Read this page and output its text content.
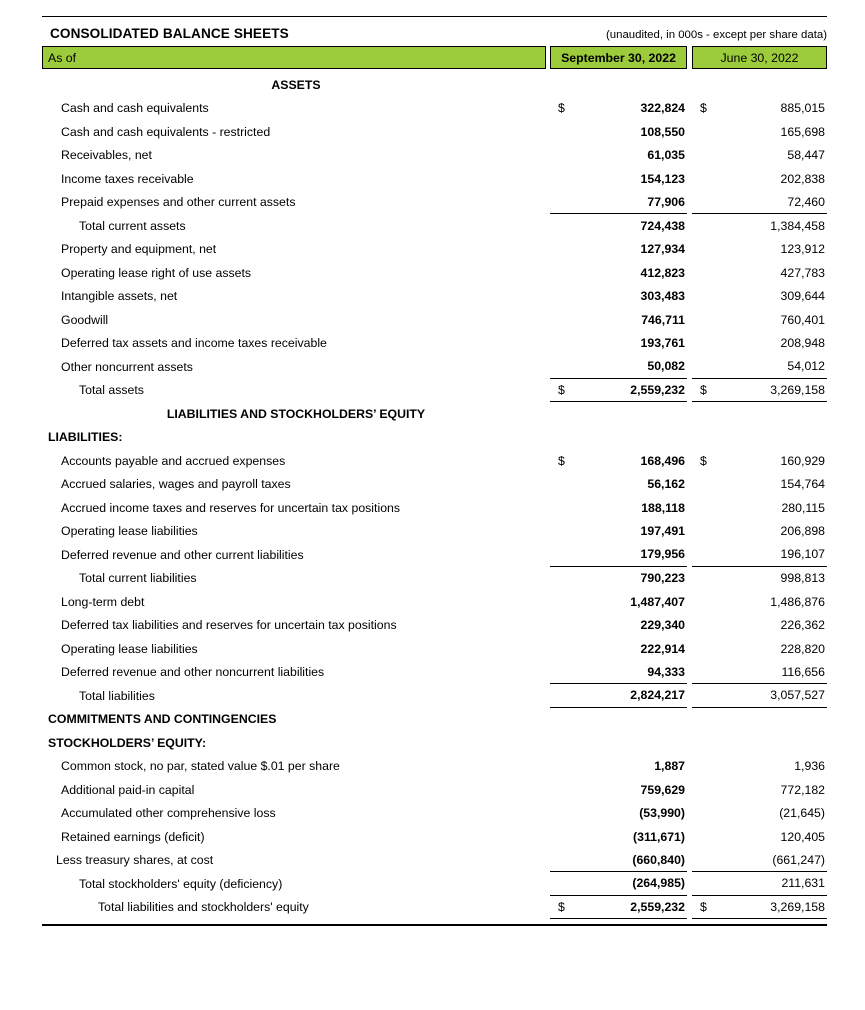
CONSOLIDATED BALANCE SHEETS	(unaudited, in 000s - except per share data)
As of	September 30, 2022	June 30, 2022
ASSETS
Cash and cash equivalents	$	322,824 $	885,015
Cash and cash equivalents - restricted	108,550	165,698
Receivables, net	61,035	58,447
Income taxes receivable	154,123	202,838
Prepaid expenses and other current assets	77,906	72,460
Total current assets	724,438	1,384,458
Property and equipment, net	127,934	123,912
Operating lease right of use assets	412,823	427,783
Intangible assets, net	303,483	309,644
Goodwill	746,711	760,401
Deferred tax assets and income taxes receivable	193,761	208,948
Other noncurrent assets	50,082	54,012
Total assets	$	2,559,232 $	3,269,158
LIABILITIES AND STOCKHOLDERS’ EQUITY
LIABILITIES:
Accounts payable and accrued expenses	$	168,496 $	160,929
Accrued salaries, wages and payroll taxes	56,162	154,764
Accrued income taxes and reserves for uncertain tax positions	188,118	280,115
Operating lease liabilities	197,491	206,898
Deferred revenue and other current liabilities	179,956	196,107
Total current liabilities	790,223	998,813
Long-term debt	1,487,407	1,486,876
Deferred tax liabilities and reserves for uncertain tax positions	229,340	226,362
Operating lease liabilities	222,914	228,820
Deferred revenue and other noncurrent liabilities	94,333	116,656
Total liabilities	2,824,217	3,057,527
COMMITMENTS AND CONTINGENCIES
STOCKHOLDERS’ EQUITY:
Common stock, no par, stated value $.01 per share	1,887	1,936
Additional paid-in capital	759,629	772,182
Accumulated other comprehensive loss	(53,990)	(21,645)
Retained earnings (deficit)	(311,671)	120,405
Less treasury shares, at cost	(660,840)	(661,247)
Total stockholders' equity (deficiency)	(264,985)	211,631
Total liabilities and stockholders' equity	$	2,559,232 $	3,269,158
